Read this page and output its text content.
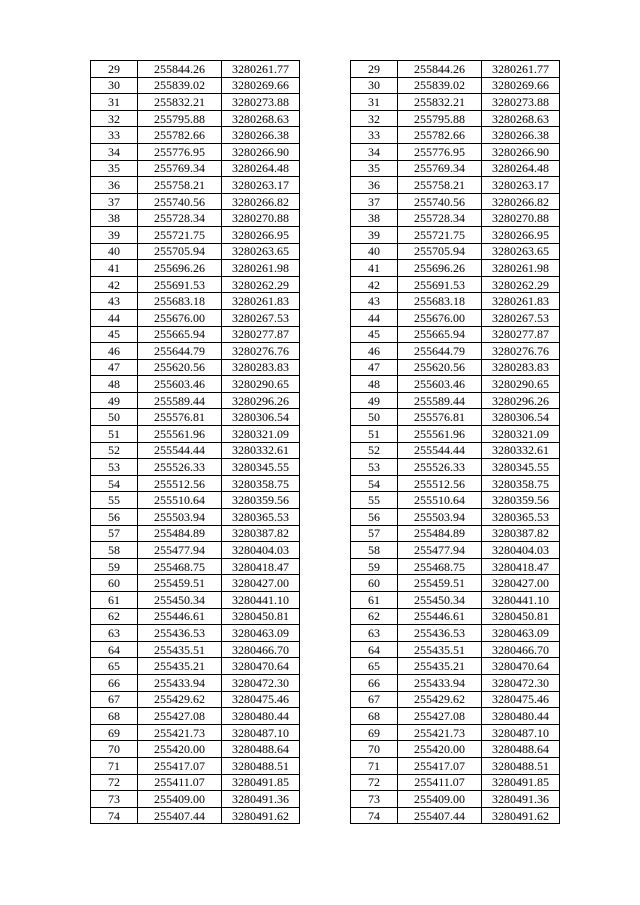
29	255844.26	3280261.77
30	255839.02	3280269.66
31	255832.21	3280273.88
32	255795.88	3280268.63
33	255782.66	3280266.38
34	255776.95	3280266.90
35	255769.34	3280264.48
36	255758.21	3280263.17
37	255740.56	3280266.82
38	255728.34	3280270.88
39	255721.75	3280266.95
40	255705.94	3280263.65
41	255696.26	3280261.98
42	255691.53	3280262.29
43	255683.18	3280261.83
44	255676.00	3280267.53
45	255665.94	3280277.87
46	255644.79	3280276.76
47	255620.56	3280283.83
48	255603.46	3280290.65
49	255589.44	3280296.26
50	255576.81	3280306.54
51	255561.96	3280321.09
52	255544.44	3280332.61
53	255526.33	3280345.55
54	255512.56	3280358.75
55	255510.64	3280359.56
56	255503.94	3280365.53
57	255484.89	3280387.82
58	255477.94	3280404.03
59	255468.75	3280418.47
60	255459.51	3280427.00
61	255450.34	3280441.10
62	255446.61	3280450.81
63	255436.53	3280463.09
64	255435.51	3280466.70
65	255435.21	3280470.64
66	255433.94	3280472.30
67	255429.62	3280475.46
68	255427.08	3280480.44
69	255421.73	3280487.10
70	255420.00	3280488.64
71	255417.07	3280488.51
72	255411.07	3280491.85
73	255409.00	3280491.36
74	255407.44	3280491.62
29	255844.26	3280261.77
30	255839.02	3280269.66
31	255832.21	3280273.88
32	255795.88	3280268.63
33	255782.66	3280266.38
34	255776.95	3280266.90
35	255769.34	3280264.48
36	255758.21	3280263.17
37	255740.56	3280266.82
38	255728.34	3280270.88
39	255721.75	3280266.95
40	255705.94	3280263.65
41	255696.26	3280261.98
42	255691.53	3280262.29
43	255683.18	3280261.83
44	255676.00	3280267.53
45	255665.94	3280277.87
46	255644.79	3280276.76
47	255620.56	3280283.83
48	255603.46	3280290.65
49	255589.44	3280296.26
50	255576.81	3280306.54
51	255561.96	3280321.09
52	255544.44	3280332.61
53	255526.33	3280345.55
54	255512.56	3280358.75
55	255510.64	3280359.56
56	255503.94	3280365.53
57	255484.89	3280387.82
58	255477.94	3280404.03
59	255468.75	3280418.47
60	255459.51	3280427.00
61	255450.34	3280441.10
62	255446.61	3280450.81
63	255436.53	3280463.09
64	255435.51	3280466.70
65	255435.21	3280470.64
66	255433.94	3280472.30
67	255429.62	3280475.46
68	255427.08	3280480.44
69	255421.73	3280487.10
70	255420.00	3280488.64
71	255417.07	3280488.51
72	255411.07	3280491.85
73	255409.00	3280491.36
74	255407.44	3280491.62
